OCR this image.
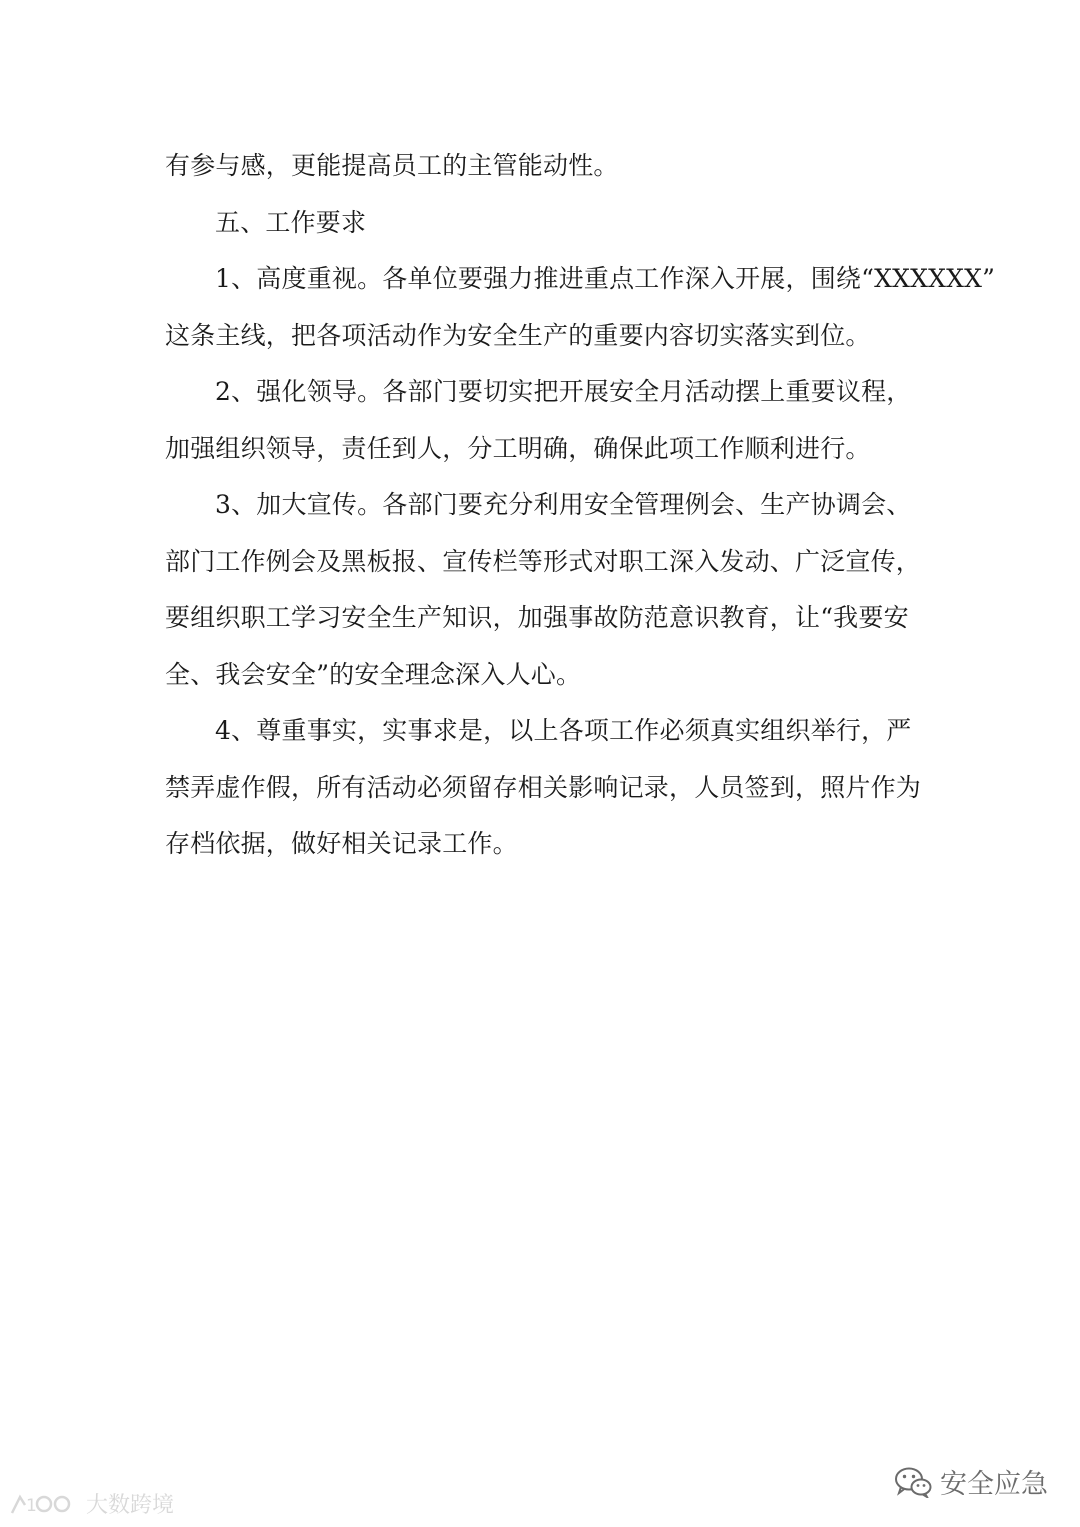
有参与感，更能提高员工的主管能动性。
五、工作要求
1、高度重视。各单位要强力推进重点工作深入开展，围绕“XXXXXX”
这条主线，把各项活动作为安全生产的重要内容切实落实到位。
2、强化领导。各部门要切实把开展安全月活动摆上重要议程，
加强组织领导，责任到人，分工明确，确保此项工作顺利进行。
3、加大宣传。各部门要充分利用安全管理例会、生产协调会、
部门工作例会及黑板报、宣传栏等形式对职工深入发动、广泛宣传，
要组织职工学习安全生产知识，加强事故防范意识教育，让“我要安
全、我会安全”的安全理念深入人心。
4、尊重事实，实事求是，以上各项工作必须真实组织举行，严
禁弄虚作假，所有活动必须留存相关影响记录，人员签到，照片作为
存档依据，做好相关记录工作。
安全应急
1 大数跨境
